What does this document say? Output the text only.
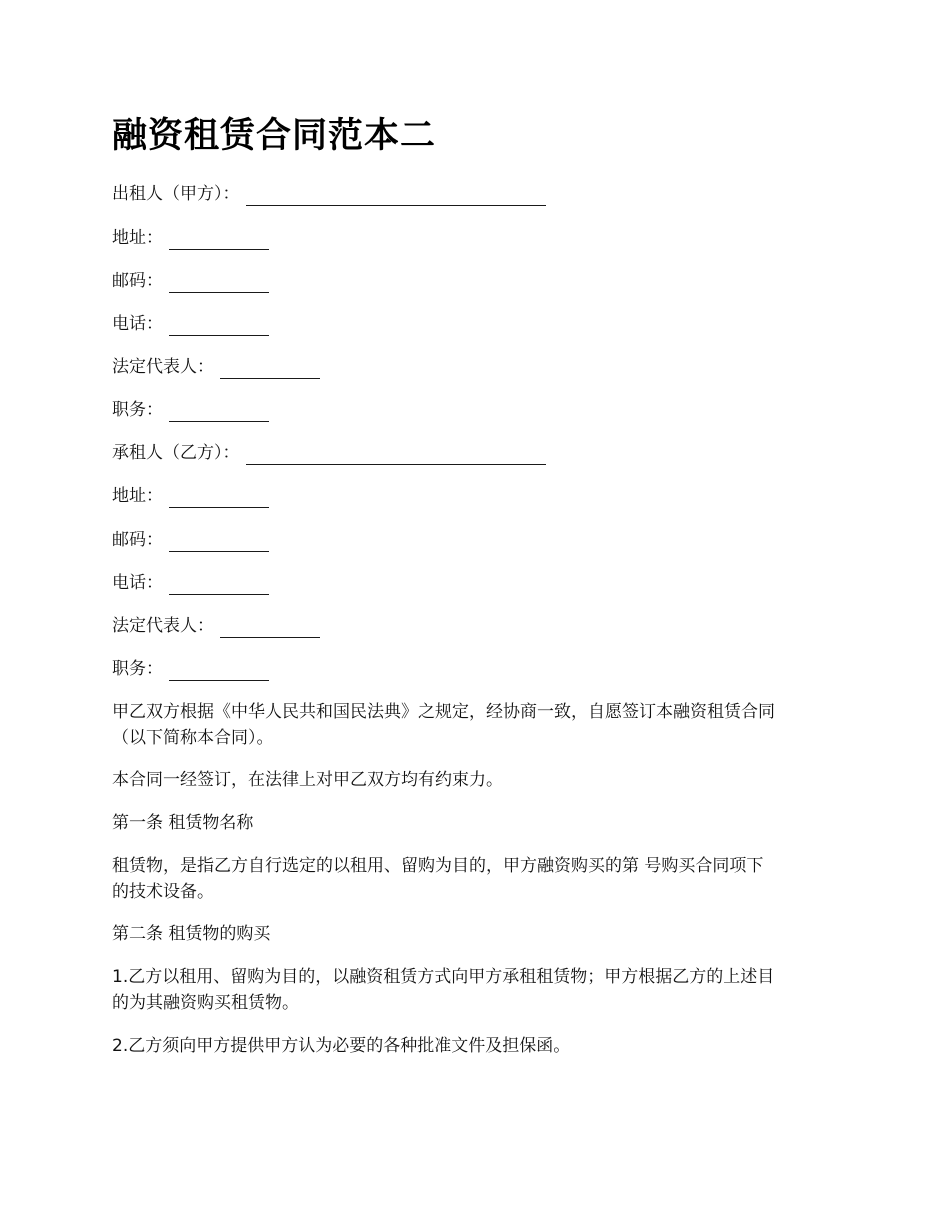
融资租赁合同范本二
出租人（甲方）：
地址：
邮码：
电话：
法定代表人：
职务：
承租人（乙方）：
地址：
邮码：
电话：
法定代表人：
职务：

甲乙双方根据《中华人民共和国民法典》之规定，经协商一致，自愿签订本融资租赁合同
（以下简称本合同）。

本合同一经签订，在法律上对甲乙双方均有约束力。

第一条 租赁物名称

租赁物，是指乙方自行选定的以租用、留购为目的，甲方融资购买的第 号购买合同项下
的技术设备。

第二条 租赁物的购买

1.乙方以租用、留购为目的，以融资租赁方式向甲方承租租赁物；甲方根据乙方的上述目
的为其融资购买租赁物。

2.乙方须向甲方提供甲方认为必要的各种批准文件及担保函。
